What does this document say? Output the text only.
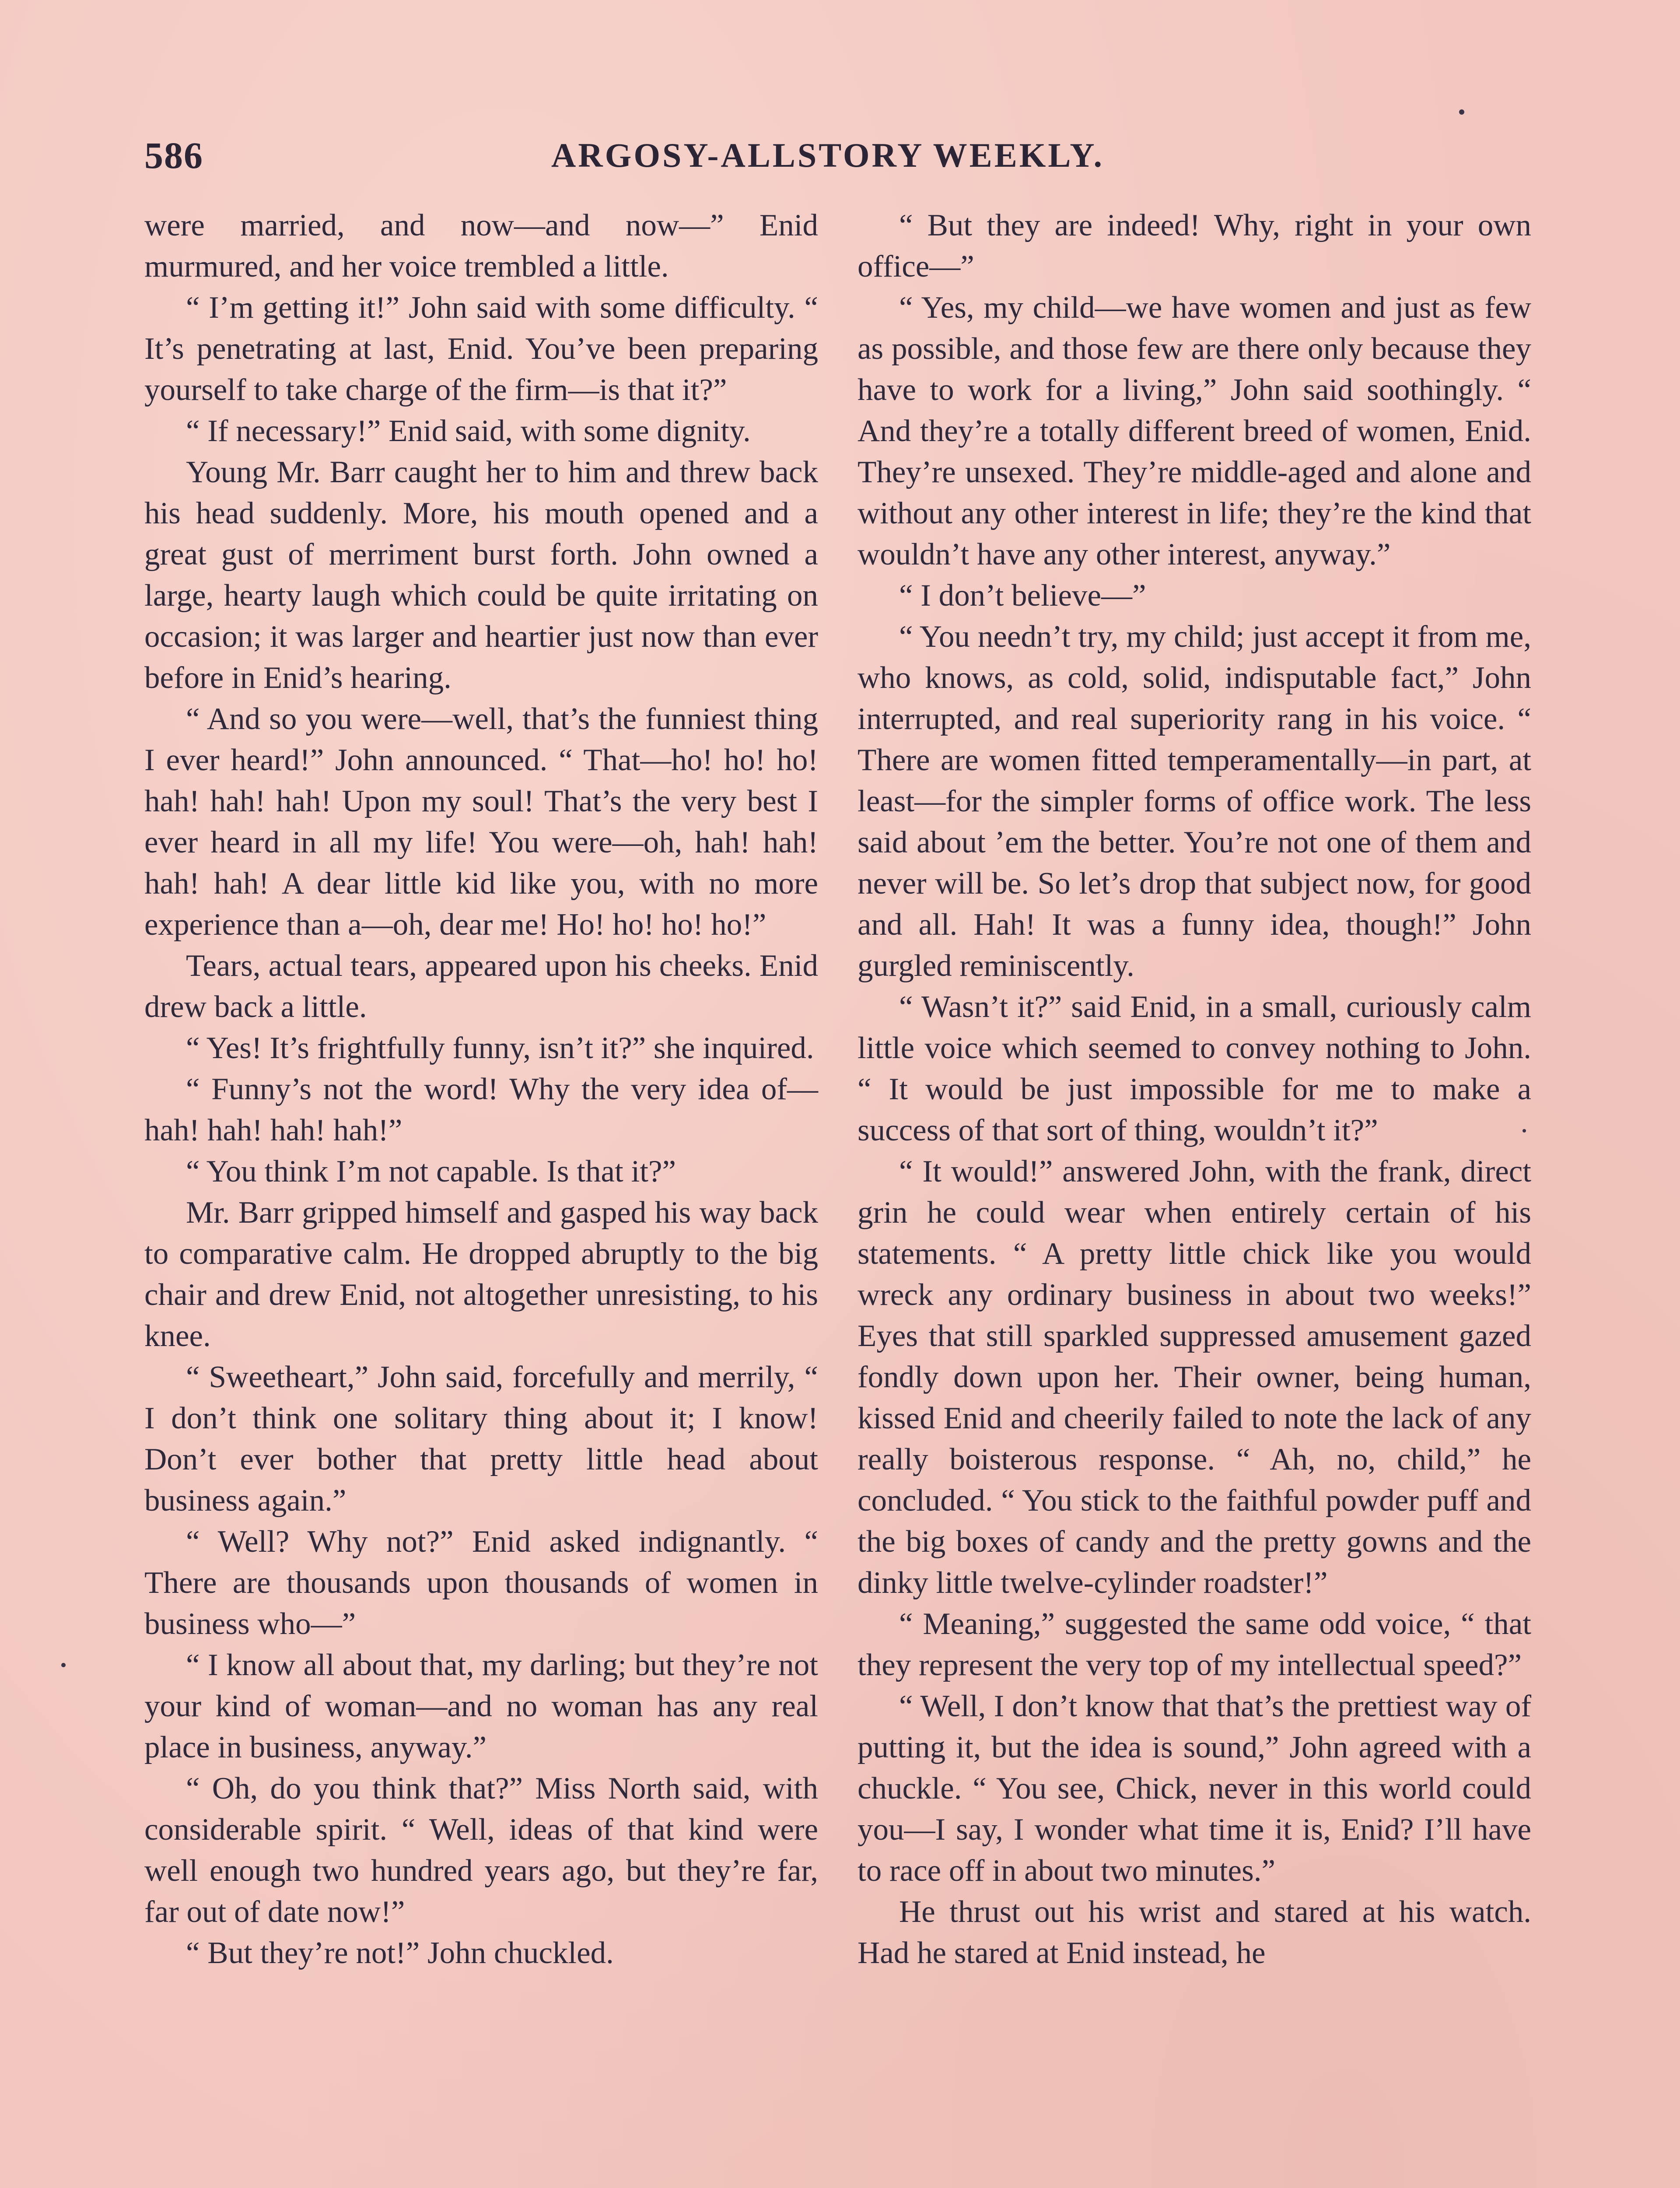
586	ARGOSY-ALLSTORY WEEKLY.

were married, and now—and now—” Enid murmured, and her voice trembled a little.

“ I’m getting it!” John said with some difficulty. “ It’s penetrating at last, Enid. You’ve been preparing yourself to take charge of the firm—is that it?”

“ If necessary!” Enid said, with some dignity.

Young Mr. Barr caught her to him and threw back his head suddenly. More, his mouth opened and a great gust of merriment burst forth. John owned a large, hearty laugh which could be quite irritating on occasion; it was larger and heartier just now than ever before in Enid’s hearing.

“ And so you were—well, that’s the funniest thing I ever heard!” John announced. “ That—ho! ho! ho! hah! hah! hah! Upon my soul! That’s the very best I ever heard in all my life! You were—oh, hah! hah! hah! hah! A dear little kid like you, with no more experience than a—oh, dear me! Ho! ho! ho! ho!”

Tears, actual tears, appeared upon his cheeks. Enid drew back a little.

“ Yes! It’s frightfully funny, isn’t it?” she inquired.

“ Funny’s not the word! Why the very idea of—hah! hah! hah! hah!”

“ You think I’m not capable. Is that it?”

Mr. Barr gripped himself and gasped his way back to comparative calm. He dropped abruptly to the big chair and drew Enid, not altogether unresisting, to his knee.

“ Sweetheart,” John said, forcefully and merrily, “ I don’t think one solitary thing about it; I know! Don’t ever bother that pretty little head about business again.”

“ Well? Why not?” Enid asked indignantly. “ There are thousands upon thousands of women in business who—”

“ I know all about that, my darling; but they’re not your kind of woman—and no woman has any real place in business, anyway.”

“ Oh, do you think that?” Miss North said, with considerable spirit. “ Well, ideas of that kind were well enough two hundred years ago, but they’re far, far out of date now!”

“ But they’re not!” John chuckled.

“ But they are indeed! Why, right in your own office—”

“ Yes, my child—we have women and just as few as possible, and those few are there only because they have to work for a living,” John said soothingly. “ And they’re a totally different breed of women, Enid. They’re unsexed. They’re middle-aged and alone and without any other interest in life; they’re the kind that wouldn’t have any other interest, anyway.”

“ I don’t believe—”

“ You needn’t try, my child; just accept it from me, who knows, as cold, solid, indisputable fact,” John interrupted, and real superiority rang in his voice. “ There are women fitted temperamentally—in part, at least—for the simpler forms of office work. The less said about ’em the better. You’re not one of them and never will be. So let’s drop that subject now, for good and all. Hah! It was a funny idea, though!” John gurgled reminiscently.

“ Wasn’t it?” said Enid, in a small, curiously calm little voice which seemed to convey nothing to John. “ It would be just impossible for me to make a success of that sort of thing, wouldn’t it?”

“ It would!” answered John, with the frank, direct grin he could wear when entirely certain of his statements. “ A pretty little chick like you would wreck any ordinary business in about two weeks!” Eyes that still sparkled suppressed amusement gazed fondly down upon her. Their owner, being human, kissed Enid and cheerily failed to note the lack of any really boisterous response. “ Ah, no, child,” he concluded. “ You stick to the faithful powder puff and the big boxes of candy and the pretty gowns and the dinky little twelve-cylinder roadster!”

“ Meaning,” suggested the same odd voice, “ that they represent the very top of my intellectual speed?”

“ Well, I don’t know that that’s the prettiest way of putting it, but the idea is sound,” John agreed with a chuckle. “ You see, Chick, never in this world could you—I say, I wonder what time it is, Enid? I’ll have to race off in about two minutes.”

He thrust out his wrist and stared at his watch. Had he stared at Enid instead, he
